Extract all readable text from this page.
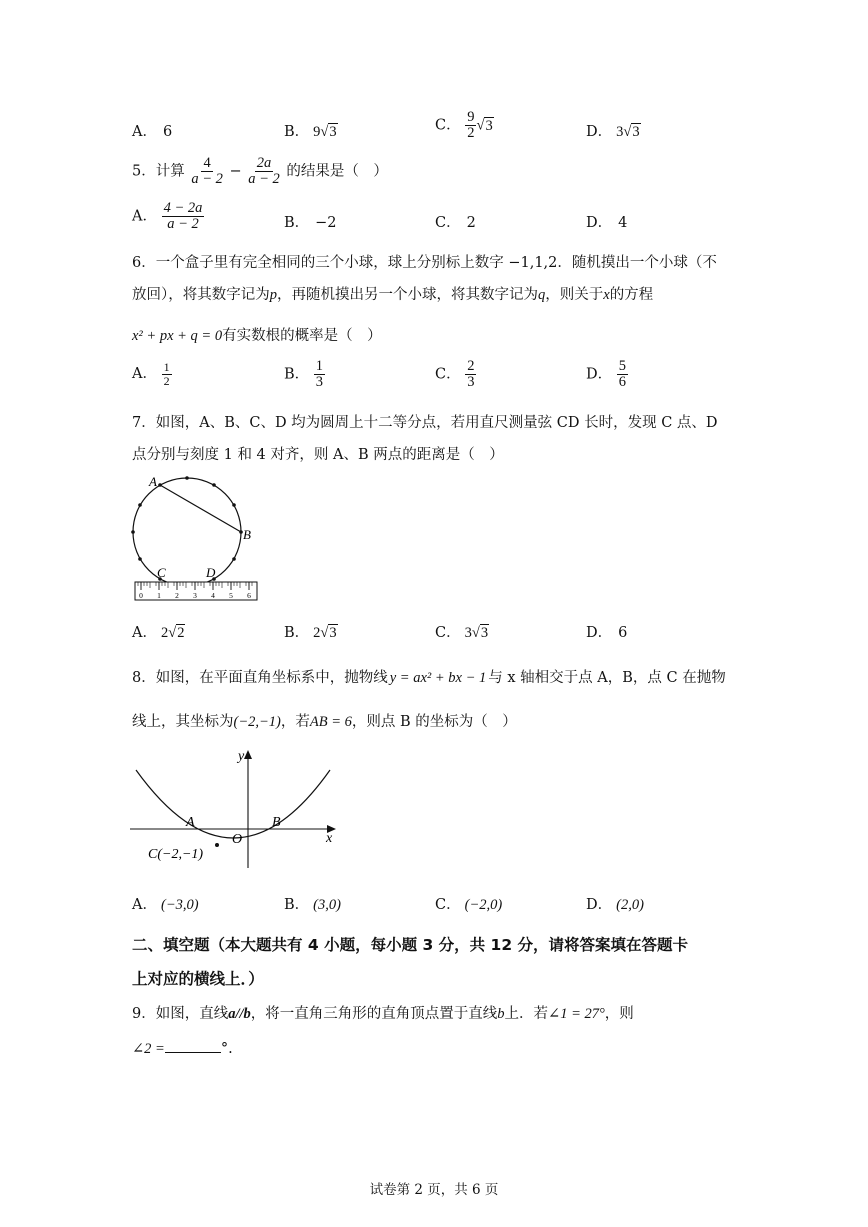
A． 6	B． 9√3	C． $\frac{9}{2} √3$	D． 3√3
5．计算 $\frac{4}{a - 2} - \frac{2a}{a - 2}$ 的结果是（　）
A． $\frac{4 - 2a}{a - 2}$	B． −2	C． 2	D． 4
6．一个盒子里有完全相同的三个小球，球上分别标上数字 −1,1,2．随机摸出一个小球（不
放回），将其数字记为p，再随机摸出另一个小球，将其数字记为q，则关于x的方程
x² + px + q = 0有实数根的概率是（　）
A． $\frac{1}{2}$	B． $\frac{1}{3}$	C． $\frac{2}{3}$	D． $\frac{5}{6}$
7．如图，A、B、C、D 均为圆周上十二等分点，若用直尺测量弦 CD 长时，发现 C 点、D
点分别与刻度 1 和 4 对齐，则 A、B 两点的距离是（　）
A
B
C	D
0 1 2 3 4 5 6
A． 2√2	B． 2√3	C． 3√3	D． 6
8．如图，在平面直角坐标系中，抛物线 y = ax² + bx − 1 与 x 轴相交于点 A，B，点 C 在抛物
线上，其坐标为(−2,−1)，若AB = 6，则点 B 的坐标为（　）
y
x
A	B
O
C(−2,−1)
A． (−3,0)	B． (3,0)	C． (−2,0)	D． (2,0)
二、填空题（本大题共有 4 小题，每小题 3 分，共 12 分，请将答案填在答题卡
上对应的横线上．）
9．如图，直线a//b，将一直角三角形的直角顶点置于直线b上．若∠1 = 27°，则
∠2 =	°.
试卷第 2 页，共 6 页
